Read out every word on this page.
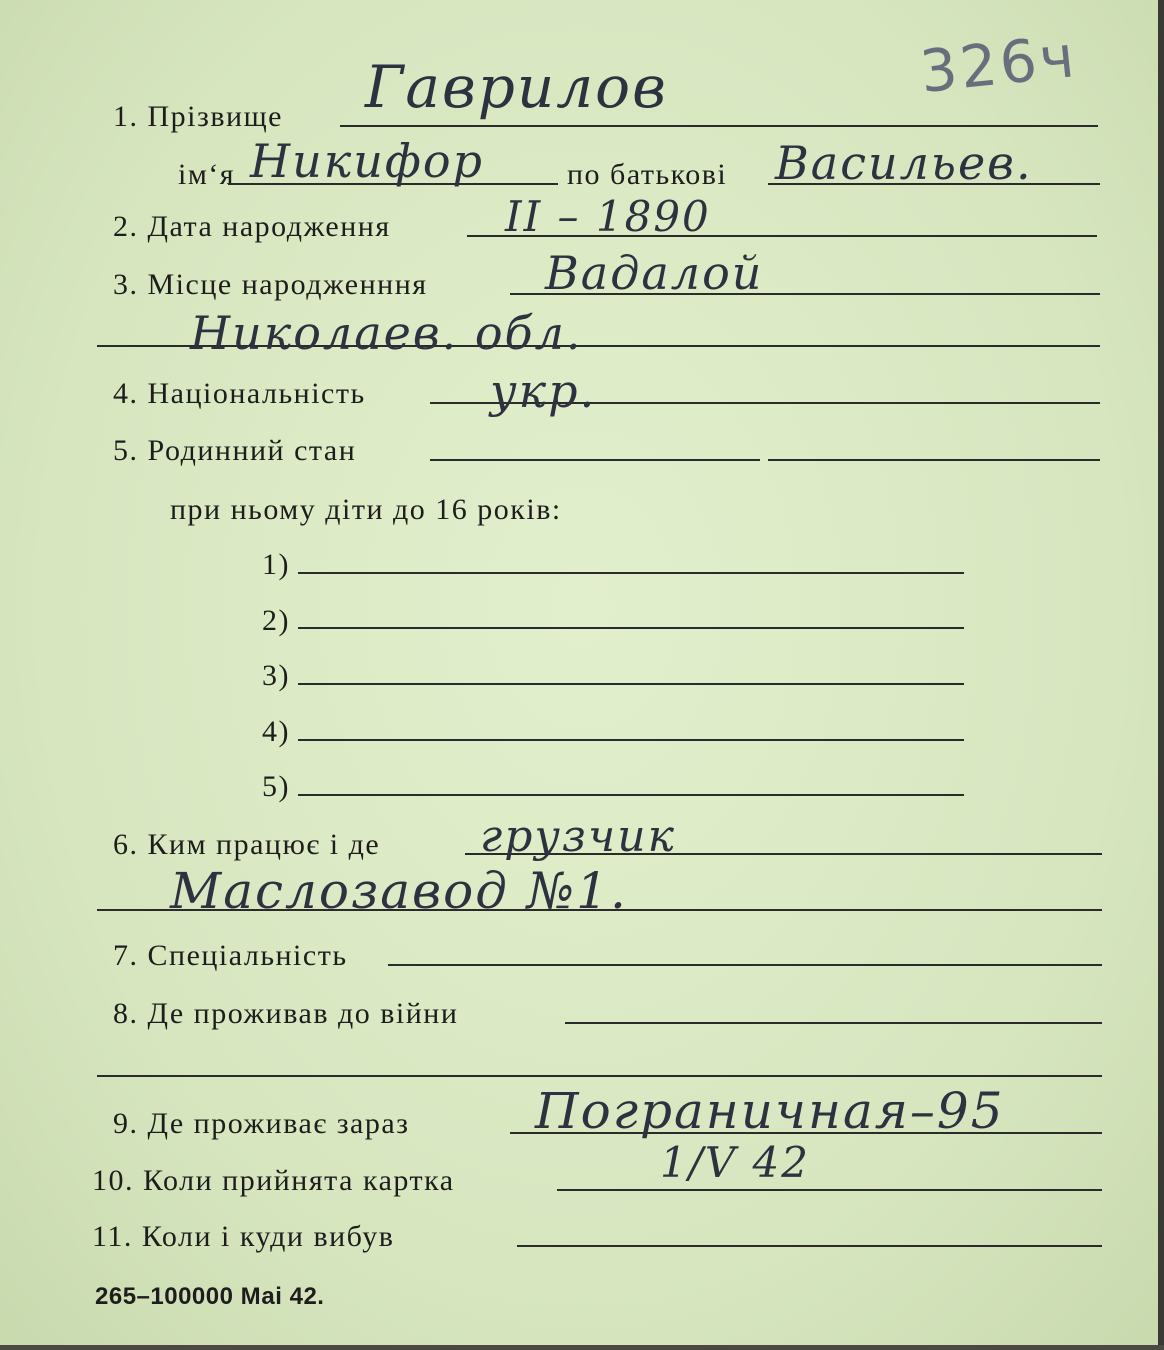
326ч
1. Прізвище Гаврилов
ім‘я Никифор	по батькові Васильев.
2. Дата народження	II – 1890
3. Місце народженння	Вадалой
Николаев. обл.
4. Національність	укр.
5. Родинний стан
при ньому діти до 16 років:
1)
2)
3)
4)
5)
6. Ким працює і де грузчик
Маслозавод №1.
7. Спеціальність
8. Де проживав до війни
9. Де проживає зараз	Пограничная–95
10. Коли прийнята картка	1/V 42
11. Коли і куди вибув
265–100000 Маі 42.
